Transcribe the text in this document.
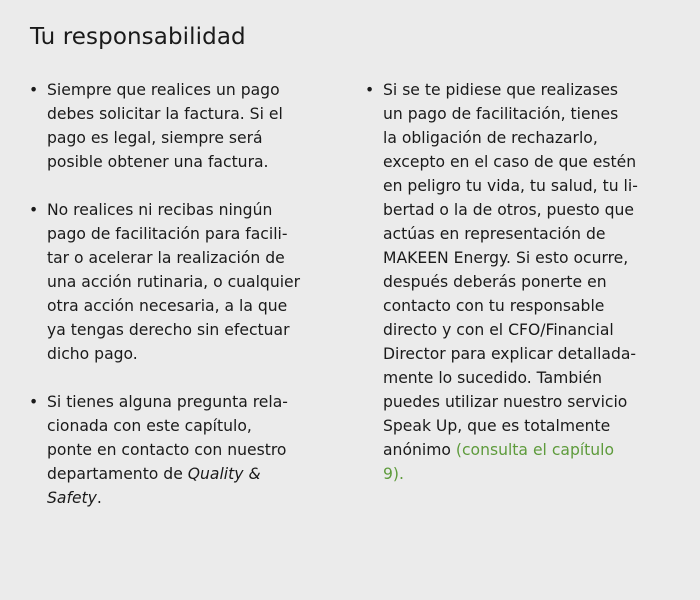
Tu responsabilidad
• Siempre que realices un pago
debes solicitar la factura. Si el
pago es legal, siempre será
posible obtener una factura.
• No realices ni recibas ningún
pago de facilitación para facili-
tar o acelerar la realización de
una acción rutinaria, o cualquier
otra acción necesaria, a la que
ya tengas derecho sin efectuar
dicho pago.
• Si tienes alguna pregunta rela-
cionada con este capítulo,
ponte en contacto con nuestro
departamento de Quality &
Safety.
• Si se te pidiese que realizases
un pago de facilitación, tienes
la obligación de rechazarlo,
excepto en el caso de que estén
en peligro tu vida, tu salud, tu li-
bertad o la de otros, puesto que
actúas en representación de
MAKEEN Energy. Si esto ocurre,
después deberás ponerte en
contacto con tu responsable
directo y con el CFO/Financial
Director para explicar detallada-
mente lo sucedido. También
puedes utilizar nuestro servicio
Speak Up, que es totalmente
anónimo (consulta el capítulo
9).
